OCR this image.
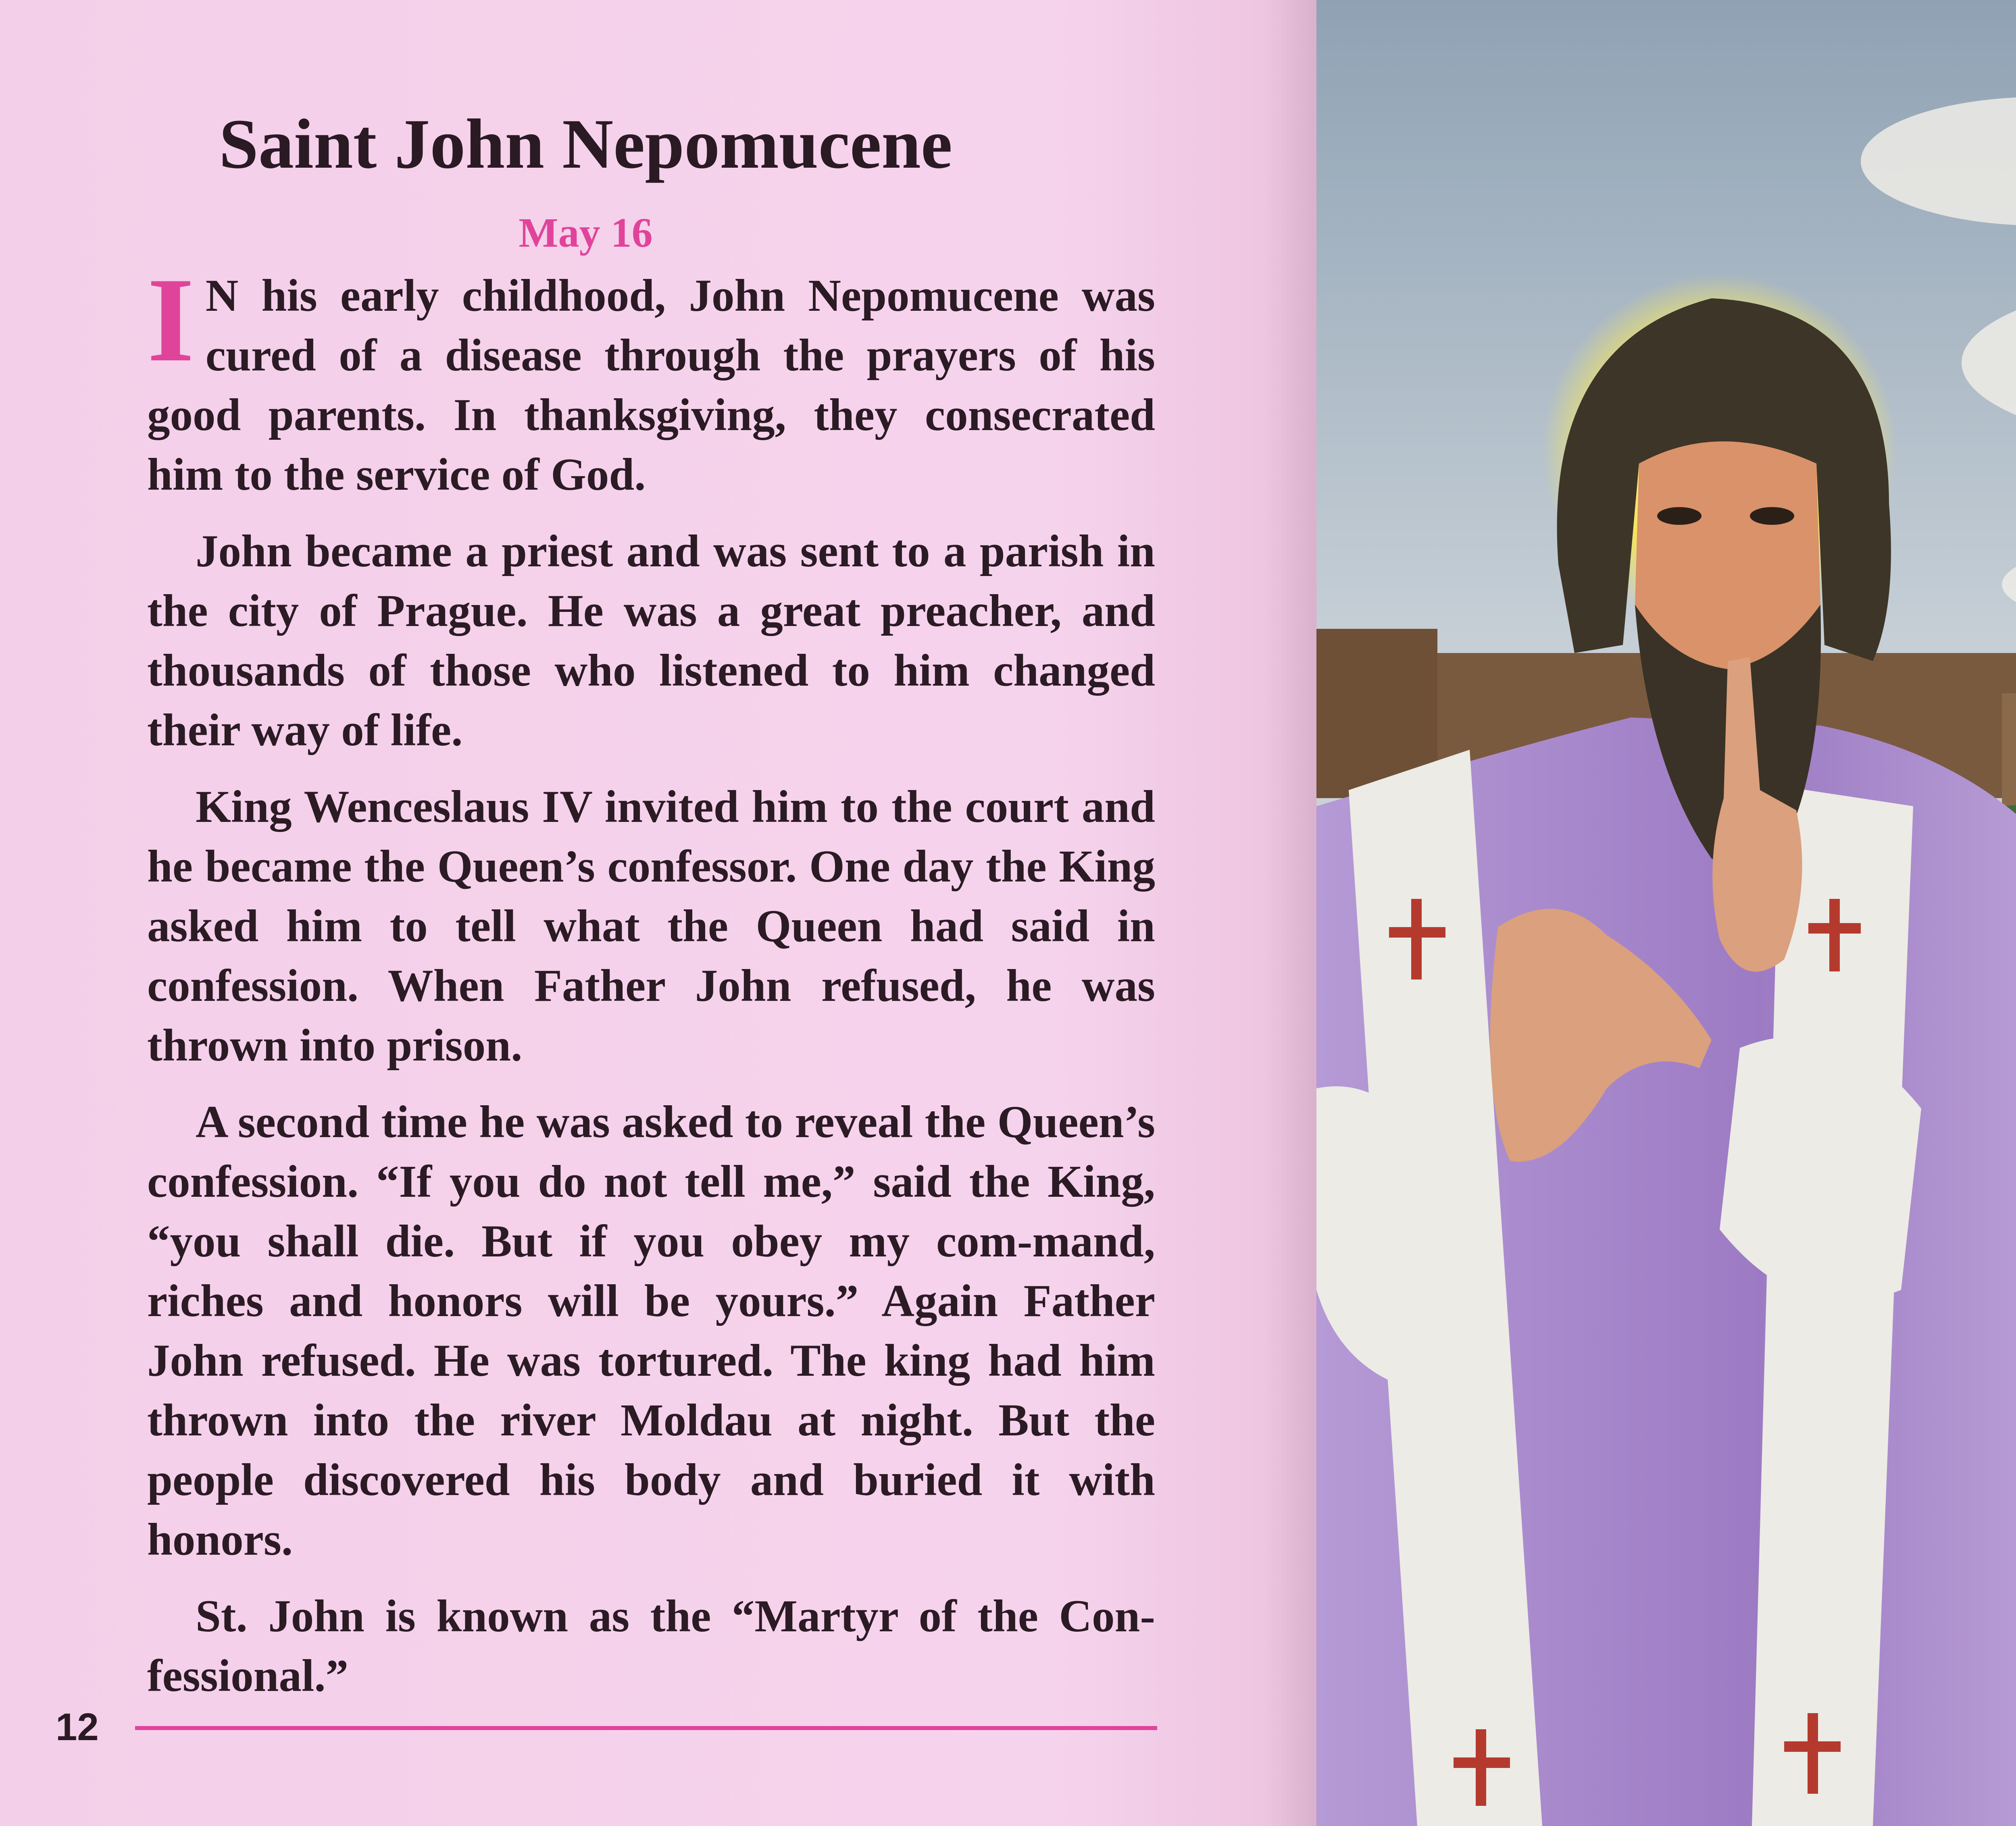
Saint John Nepomucene
May 16

I N his early childhood, John Nepomucene was cured of a disease through the prayers of his good parents. In thanksgiving, they consecrated him to the service of God.

John became a priest and was sent to a parish in the city of Prague. He was a great preacher, and thousands of those who listened to him changed their way of life.

King Wenceslaus IV invited him to the court and he became the Queen’s confessor. One day the King asked him to tell what the Queen had said in confession. When Father John refused, he was thrown into prison.

A second time he was asked to reveal the Queen’s confession. “If you do not tell me,” said the King, “you shall die. But if you obey my com-mand, riches and honors will be yours.” Again Father John refused. He was tortured. The king had him thrown into the river Moldau at night. But the people discovered his body and buried it with honors.

St. John is known as the “Martyr of the Con-fessional.”

12
